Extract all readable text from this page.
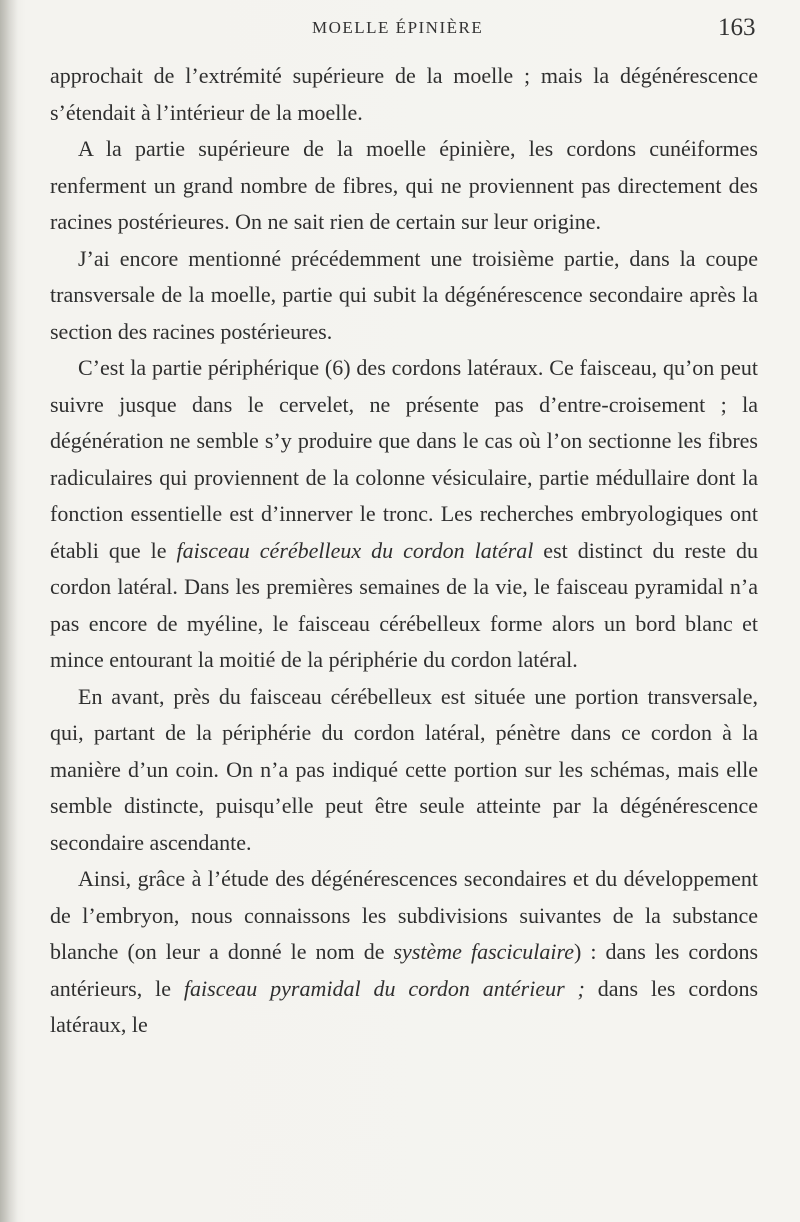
MOELLE ÉPINIÈRE	163

approchait de l’extrémité supérieure de la moelle ; mais la dégénérescence s’étendait à l’intérieur de la moelle.

A la partie supérieure de la moelle épinière, les cordons cunéiformes renferment un grand nombre de fibres, qui ne proviennent pas directement des racines postérieures. On ne sait rien de certain sur leur origine.

J’ai encore mentionné précédemment une troisième partie, dans la coupe transversale de la moelle, partie qui subit la dégénérescence secondaire après la section des racines postérieures.

C’est la partie périphérique (6) des cordons latéraux. Ce faisceau, qu’on peut suivre jusque dans le cervelet, ne présente pas d’entre-croisement ; la dégénération ne semble s’y produire que dans le cas où l’on sectionne les fibres radiculaires qui proviennent de la colonne vésiculaire, partie médullaire dont la fonction essentielle est d’innerver le tronc. Les recherches embryologiques ont établi que le faisceau cérébelleux du cordon latéral est distinct du reste du cordon latéral. Dans les premières semaines de la vie, le faisceau pyramidal n’a pas encore de myéline, le faisceau cérébelleux forme alors un bord blanc et mince entourant la moitié de la périphérie du cordon latéral.

En avant, près du faisceau cérébelleux est située une portion transversale, qui, partant de la périphérie du cordon latéral, pénètre dans ce cordon à la manière d’un coin. On n’a pas indiqué cette portion sur les schémas, mais elle semble distincte, puisqu’elle peut être seule atteinte par la dégénérescence secondaire ascendante.

Ainsi, grâce à l’étude des dégénérescences secondaires et du développement de l’embryon, nous connaissons les subdivisions suivantes de la substance blanche (on leur a donné le nom de système fasciculaire) : dans les cordons antérieurs, le faisceau pyramidal du cordon antérieur ; dans les cordons latéraux, le
